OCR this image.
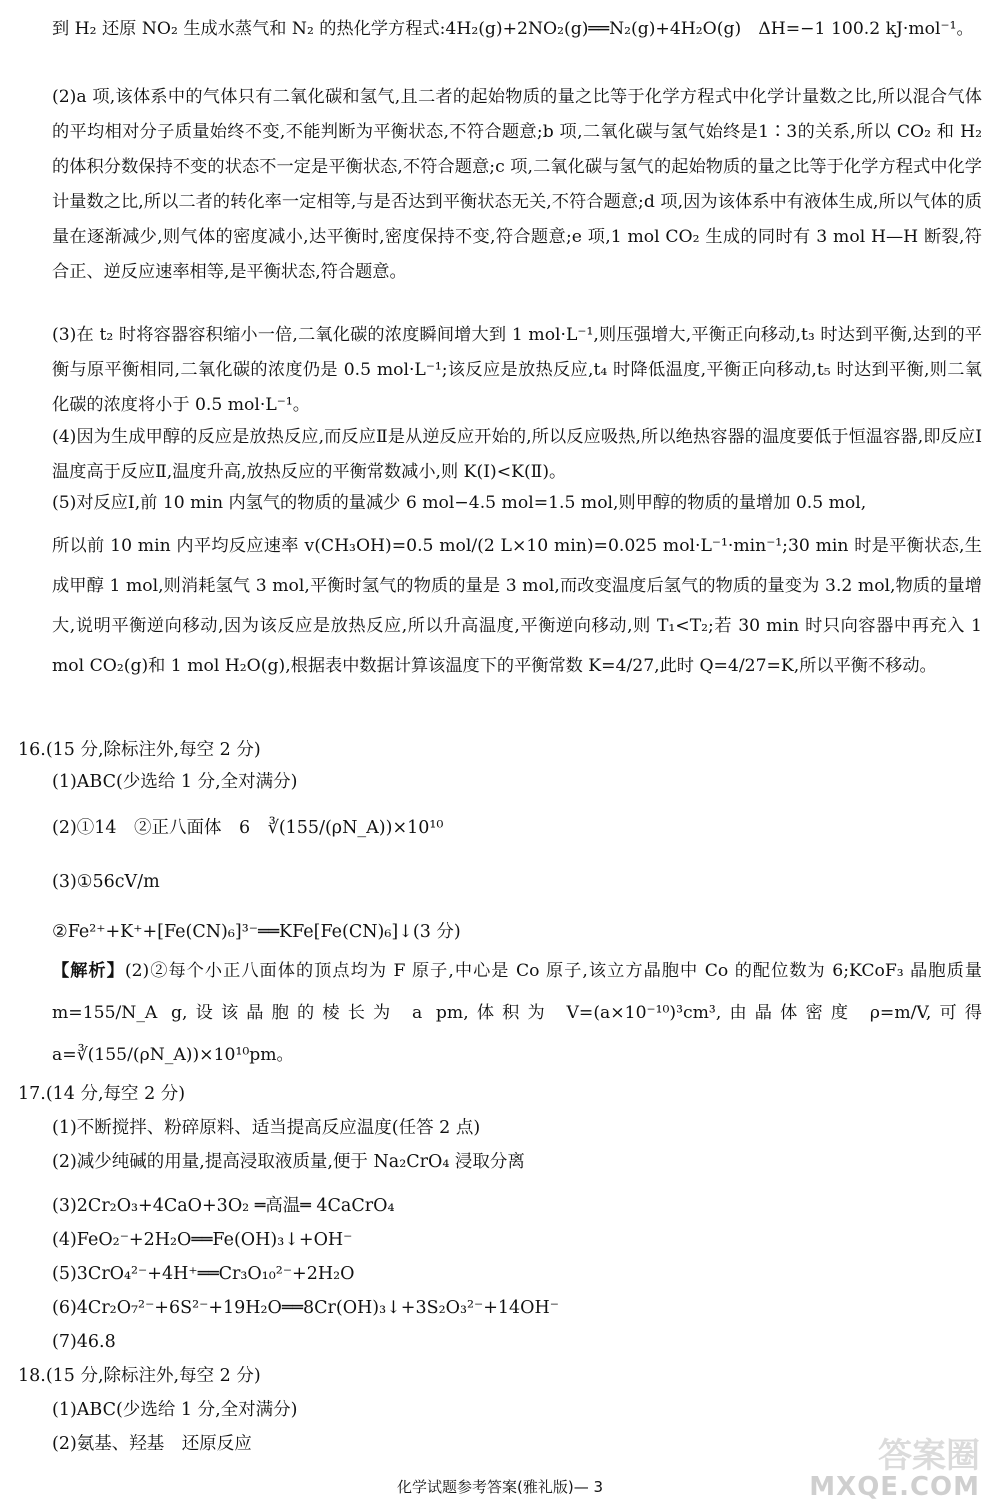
到 H₂ 还原 NO₂ 生成水蒸气和 N₂ 的热化学方程式:4H₂(g)+2NO₂(g)══N₂(g)+4H₂O(g)　ΔH=−1 100.2 kJ·mol⁻¹。

(2)a 项,该体系中的气体只有二氧化碳和氢气,且二者的起始物质的量之比等于化学方程式中化学计量数之比,所以混合气体的平均相对分子质量始终不变,不能判断为平衡状态,不符合题意;b 项,二氧化碳与氢气始终是1∶3的关系,所以 CO₂ 和 H₂ 的体积分数保持不变的状态不一定是平衡状态,不符合题意;c 项,二氧化碳与氢气的起始物质的量之比等于化学方程式中化学计量数之比,所以二者的转化率一定相等,与是否达到平衡状态无关,不符合题意;d 项,因为该体系中有液体生成,所以气体的质量在逐渐减少,则气体的密度减小,达平衡时,密度保持不变,符合题意;e 项,1 mol CO₂ 生成的同时有 3 mol H—H 断裂,符合正、逆反应速率相等,是平衡状态,符合题意。

(3)在 t₂ 时将容器容积缩小一倍,二氧化碳的浓度瞬间增大到 1 mol·L⁻¹,则压强增大,平衡正向移动,t₃ 时达到平衡,达到的平衡与原平衡相同,二氧化碳的浓度仍是 0.5 mol·L⁻¹;该反应是放热反应,t₄ 时降低温度,平衡正向移动,t₅ 时达到平衡,则二氧化碳的浓度将小于 0.5 mol·L⁻¹。

(4)因为生成甲醇的反应是放热反应,而反应Ⅱ是从逆反应开始的,所以反应吸热,所以绝热容器的温度要低于恒温容器,即反应Ⅰ温度高于反应Ⅱ,温度升高,放热反应的平衡常数减小,则 K(Ⅰ)<K(Ⅱ)。

(5)对反应Ⅰ,前 10 min 内氢气的物质的量减少 6 mol−4.5 mol=1.5 mol,则甲醇的物质的量增加 0.5 mol,

所以前 10 min 内平均反应速率 v(CH₃OH)=0.5 mol/(2 L×10 min)=0.025 mol·L⁻¹·min⁻¹;30 min 时是平衡状态,生成甲醇 1 mol,则消耗氢气 3 mol,平衡时氢气的物质的量是 3 mol,而改变温度后氢气的物质的量变为 3.2 mol,物质的量增大,说明平衡逆向移动,因为该反应是放热反应,所以升高温度,平衡逆向移动,则 T₁<T₂;若 30 min 时只向容器中再充入 1 mol CO₂(g)和 1 mol H₂O(g),根据表中数据计算该温度下的平衡常数 K=4/27,此时 Q=4/27=K,所以平衡不移动。

16.(15 分,除标注外,每空 2 分)

(1)ABC(少选给 1 分,全对满分)

(2)①14　②正八面体　6　∛(155/(ρN_A))×10¹⁰

(3)①56cV/m

②Fe²⁺+K⁺+[Fe(CN)₆]³⁻══KFe[Fe(CN)₆]↓(3 分)

【解析】(2)②每个小正八面体的顶点均为 F 原子,中心是 Co 原子,该立方晶胞中 Co 的配位数为 6;KCoF₃ 晶胞质量 m=155/N_A g,设该晶胞的棱长为 a pm,体积为 V=(a×10⁻¹⁰)³cm³,由晶体密度 ρ=m/V,可得 a=∛(155/(ρN_A))×10¹⁰pm。

17.(14 分,每空 2 分)

(1)不断搅拌、粉碎原料、适当提高反应温度(任答 2 点)

(2)减少纯碱的用量,提高浸取液质量,便于 Na₂CrO₄ 浸取分离

(3)2Cr₂O₃+4CaO+3O₂ ═高温═ 4CaCrO₄

(4)FeO₂⁻+2H₂O══Fe(OH)₃↓+OH⁻

(5)3CrO₄²⁻+4H⁺══Cr₃O₁₀²⁻+2H₂O

(6)4Cr₂O₇²⁻+6S²⁻+19H₂O══8Cr(OH)₃↓+3S₂O₃²⁻+14OH⁻

(7)46.8

18.(15 分,除标注外,每空 2 分)

(1)ABC(少选给 1 分,全对满分)

(2)氨基、羟基　还原反应

化学试题参考答案(雅礼版)— 3
答案圈
MXQE.COM
